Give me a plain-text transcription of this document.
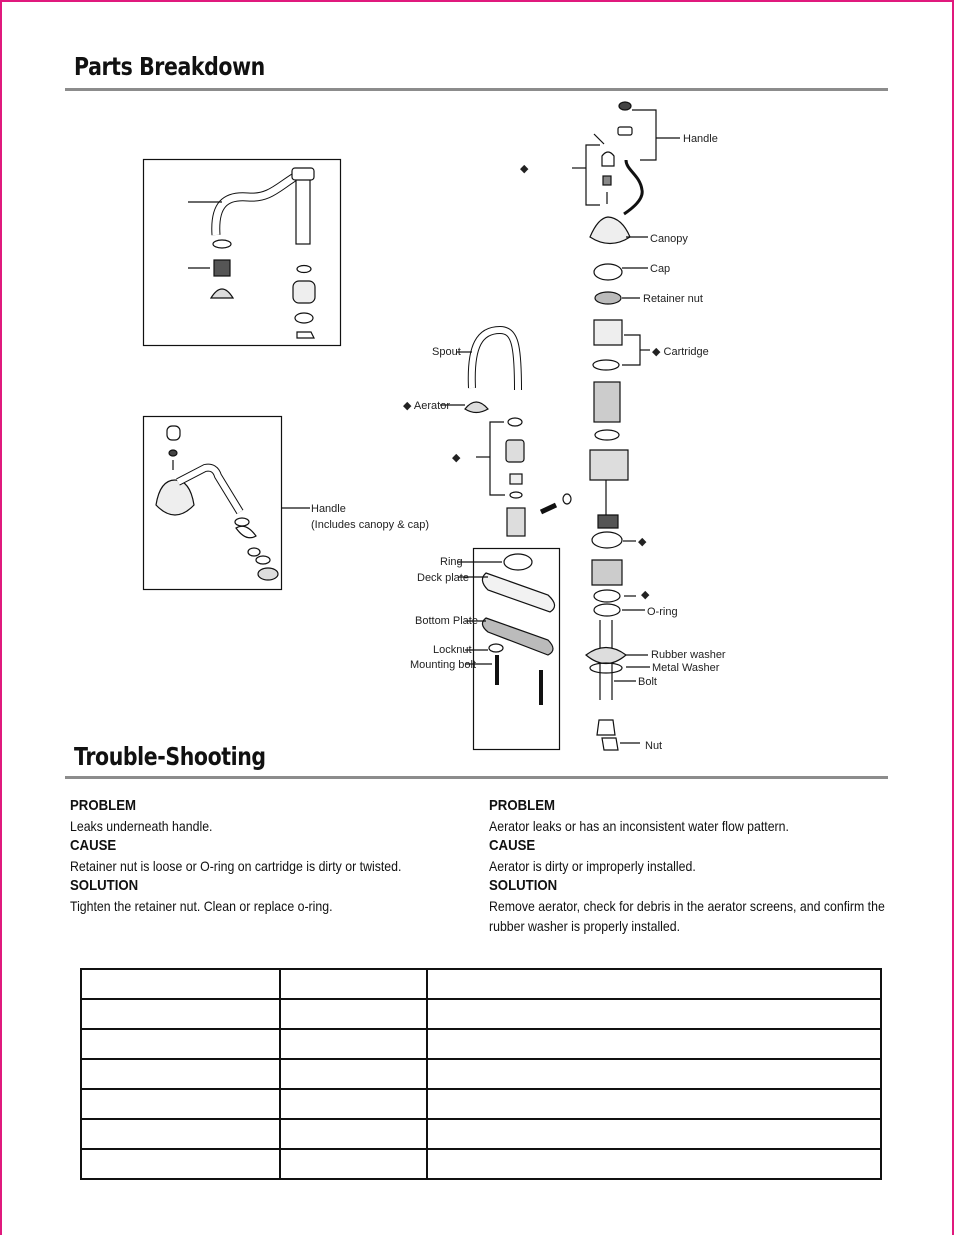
Parts Breakdown
Handle
◆
Canopy
Cap
Retainer nut
◆ Cartridge
Spout
◆ Aerator
◆
Handle
(Includes canopy & cap)
Ring
Deck plate
Bottom Plate
Locknut
Mounting bolt
◆
◆
O-ring
Rubber washer
Metal Washer
Bolt
Nut
Trouble-Shooting

PROBLEM

Leaks underneath handle.

CAUSE

Retainer nut is loose or O-ring on cartridge is dirty or twisted.

SOLUTION

Tighten the retainer nut. Clean or replace o-ring.

PROBLEM

Aerator leaks or has an inconsistent water flow pattern.

CAUSE

Aerator is dirty or improperly installed.

SOLUTION

Remove aerator, check for debris in the aerator screens, and confirm the rubber washer is properly installed.
